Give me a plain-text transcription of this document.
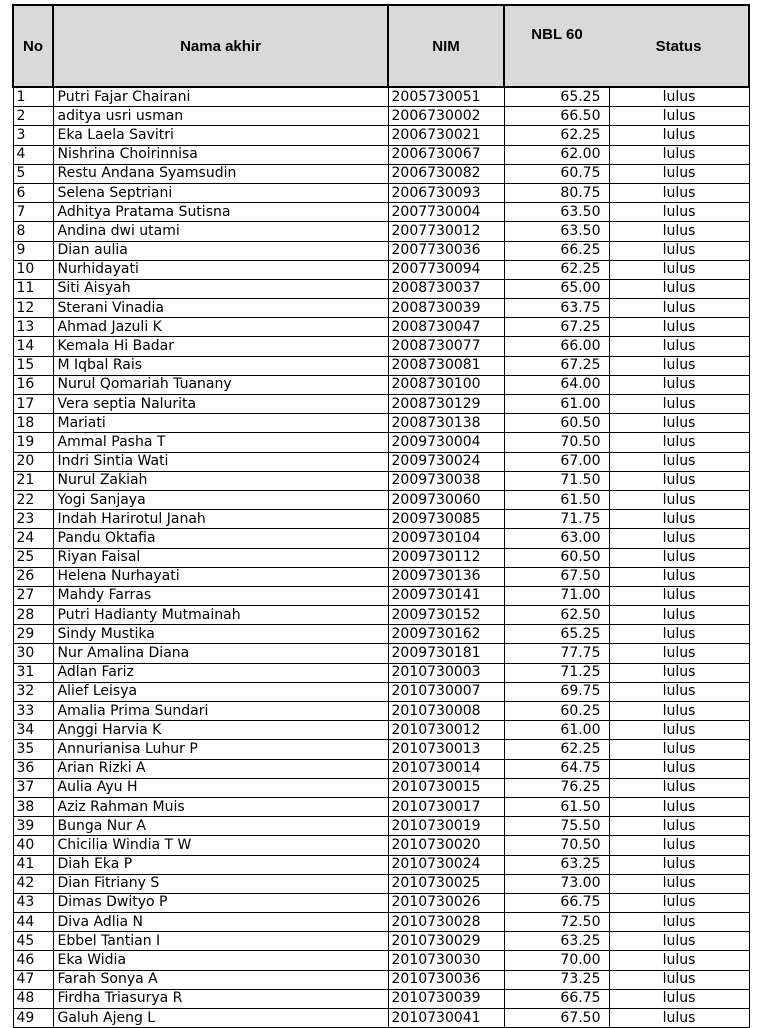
No	Nama akhir	NIM	NBL 60	Status
1	Putri Fajar Chairani	2005730051	65.25	lulus
2	aditya usri usman	2006730002	66.50	lulus
3	Eka Laela Savitri	2006730021	62.25	lulus
4	Nishrina Choirinnisa	2006730067	62.00	lulus
5	Restu Andana Syamsudin	2006730082	60.75	lulus
6	Selena Septriani	2006730093	80.75	lulus
7	Adhitya Pratama Sutisna	2007730004	63.50	lulus
8	Andina dwi utami	2007730012	63.50	lulus
9	Dian aulia	2007730036	66.25	lulus
10	Nurhidayati	2007730094	62.25	lulus
11	Siti Aisyah	2008730037	65.00	lulus
12	Sterani Vinadia	2008730039	63.75	lulus
13	Ahmad Jazuli K	2008730047	67.25	lulus
14	Kemala Hi Badar	2008730077	66.00	lulus
15	M Iqbal Rais	2008730081	67.25	lulus
16	Nurul Qomariah Tuanany	2008730100	64.00	lulus
17	Vera septia Nalurita	2008730129	61.00	lulus
18	Mariati	2008730138	60.50	lulus
19	Ammal Pasha T	2009730004	70.50	lulus
20	Indri Sintia Wati	2009730024	67.00	lulus
21	Nurul Zakiah	2009730038	71.50	lulus
22	Yogi Sanjaya	2009730060	61.50	lulus
23	Indah Harirotul Janah	2009730085	71.75	lulus
24	Pandu Oktafia	2009730104	63.00	lulus
25	Riyan Faisal	2009730112	60.50	lulus
26	Helena Nurhayati	2009730136	67.50	lulus
27	Mahdy Farras	2009730141	71.00	lulus
28	Putri Hadianty Mutmainah	2009730152	62.50	lulus
29	Sindy Mustika	2009730162	65.25	lulus
30	Nur Amalina Diana	2009730181	77.75	lulus
31	Adlan Fariz	2010730003	71.25	lulus
32	Alief Leisya	2010730007	69.75	lulus
33	Amalia Prima Sundari	2010730008	60.25	lulus
34	Anggi Harvia K	2010730012	61.00	lulus
35	Annurianisa Luhur P	2010730013	62.25	lulus
36	Arian Rizki A	2010730014	64.75	lulus
37	Aulia Ayu H	2010730015	76.25	lulus
38	Aziz Rahman Muis	2010730017	61.50	lulus
39	Bunga Nur A	2010730019	75.50	lulus
40	Chicilia Windia T W	2010730020	70.50	lulus
41	Diah Eka P	2010730024	63.25	lulus
42	Dian Fitriany S	2010730025	73.00	lulus
43	Dimas Dwityo P	2010730026	66.75	lulus
44	Diva Adlia N	2010730028	72.50	lulus
45	Ebbel Tantian I	2010730029	63.25	lulus
46	Eka Widia	2010730030	70.00	lulus
47	Farah Sonya A	2010730036	73.25	lulus
48	Firdha Triasurya R	2010730039	66.75	lulus
49	Galuh Ajeng L	2010730041	67.50	lulus
